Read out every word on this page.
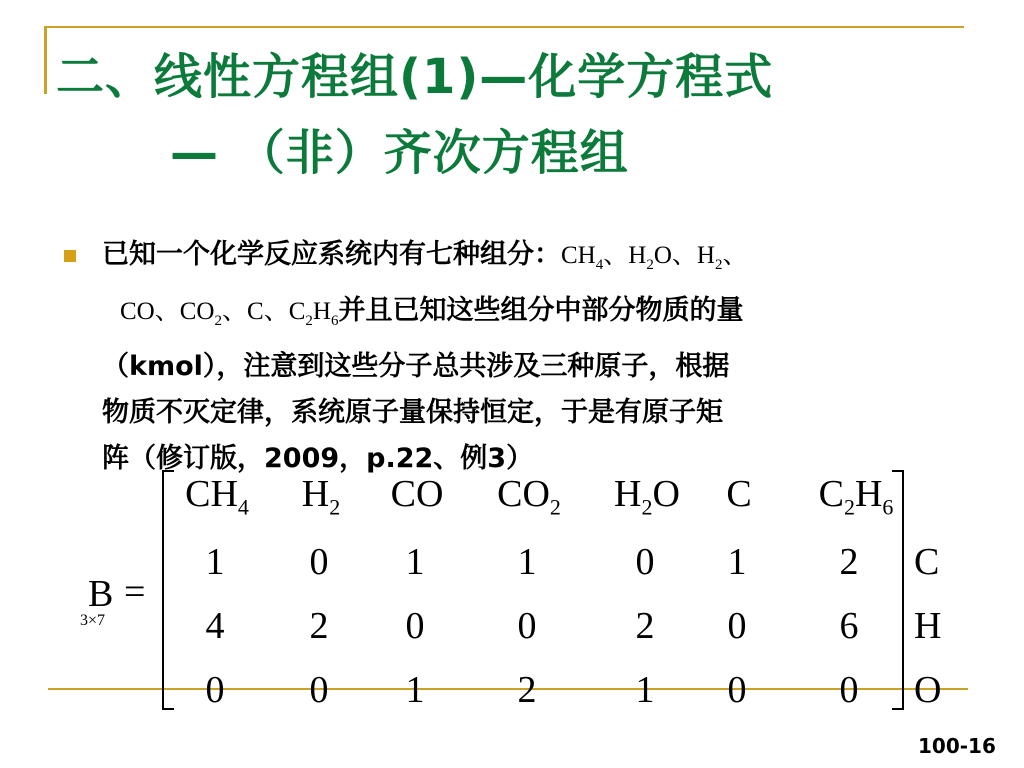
二、线性方程组(1)—化学方程式
— （非）齐次方程组
已知一个化学反应系统内有七种组分：$CH_4$、$H_2O$、$H_2$、
CO、$CO_2$、C、$C_2H_6$并且已知这些组分中部分物质的量
（kmol），注意到这些分子总共涉及三种原子，根据
物质不灭定律，系统原子量保持恒定，于是有原子矩
阵（修订版，2009，p.22、例3）
B
3×7
=
$CH_4$	$H_2$	CO	$CO_2$	$H_2O$	C	$C_2H_6$
1	0	1	1	0	1	2	C
4	2	0	0	2	0	6	H
0	0	1	2	1	0	0	O
100-16
